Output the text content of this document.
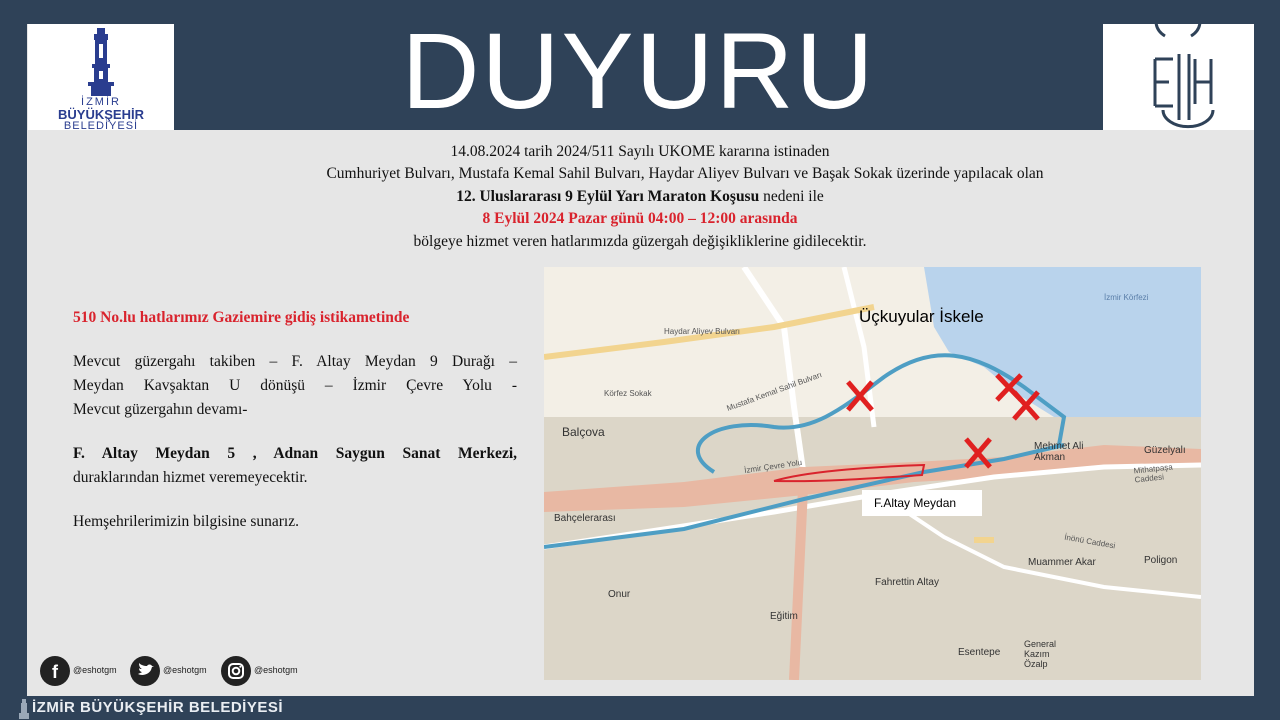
DUYURU
İZMİR
BÜYÜKŞEHİR
BELEDİYESİ
14.08.2024 tarih 2024/511 Sayılı UKOME kararına istinaden
Cumhuriyet Bulvarı, Mustafa Kemal Sahil Bulvarı, Haydar Aliyev Bulvarı ve Başak Sokak üzerinde yapılacak olan
12. Uluslararası 9 Eylül Yarı Maraton Koşusu nedeni ile
8 Eylül 2024 Pazar günü 04:00 – 12:00 arasında
bölgeye hizmet veren hatlarımızda güzergah değişikliklerine gidilecektir.
510 No.lu hatlarımız Gaziemire gidiş istikametinde
Mevcut güzergahı takiben – F. Altay Meydan 9 Durağı –
Meydan Kavşaktan U dönüşü – İzmir Çevre Yolu -
Mevcut güzergahın devamı-
F. Altay Meydan 5 , Adnan Saygun Sanat Merkezi,
duraklarından hizmet veremeyecektir.
Hemşehrilerimizin bilgisine sunarız.
Üçkuyular İskele
F.Altay Meydan
Balçova
Bahçelerarası
Onur
Eğitim
Fahrettin Altay
Esentepe
General Kazım Özalp
Muammer Akar	Poligon
Güzelyalı
Mehmet Ali Akman
İzmir Körfezi
Haydar Aliyev Bulvarı
Mustafa Kemal Sahil Bulvarı
İzmir Çevre Yolu	Mithatpaşa Caddesi
İnönü Caddesi
Körfez Sokak
f @eshotgm	@eshotgm	@eshotgm
İZMİR BÜYÜKŞEHİR BELEDİYESİ
